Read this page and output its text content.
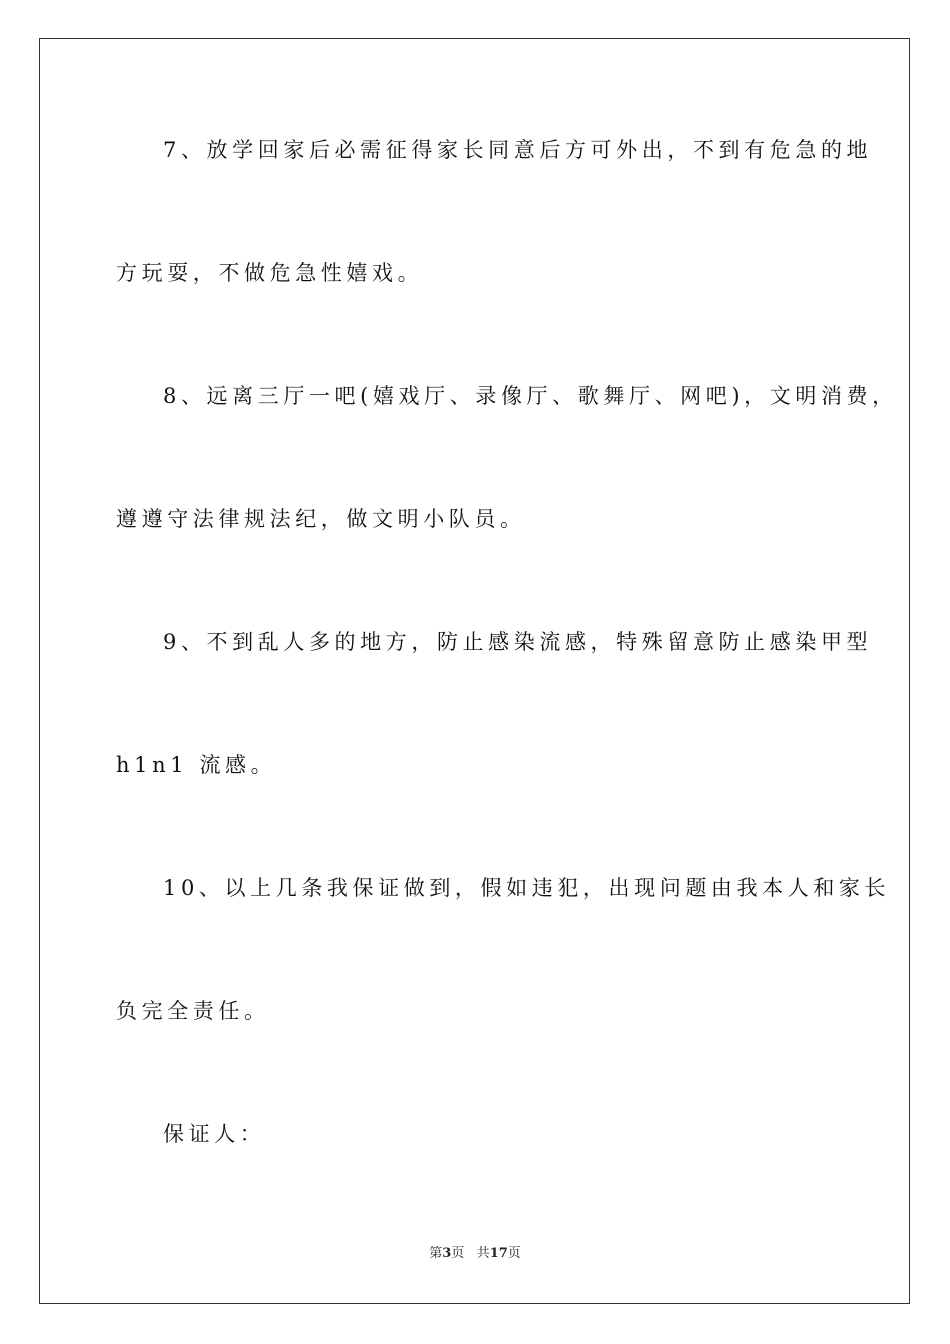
7、放学回家后必需征得家长同意后方可外出，不到有危急的地
方玩耍，不做危急性嬉戏。
8、远离三厅一吧(嬉戏厅、录像厅、歌舞厅、网吧)，文明消费，
遵遵守法律规法纪，做文明小队员。
9、不到乱人多的地方，防止感染流感，特殊留意防止感染甲型
h1n1 流感。
10、以上几条我保证做到，假如违犯，出现问题由我本人和家长
负完全责任。
保证人：
第3页 共17页
